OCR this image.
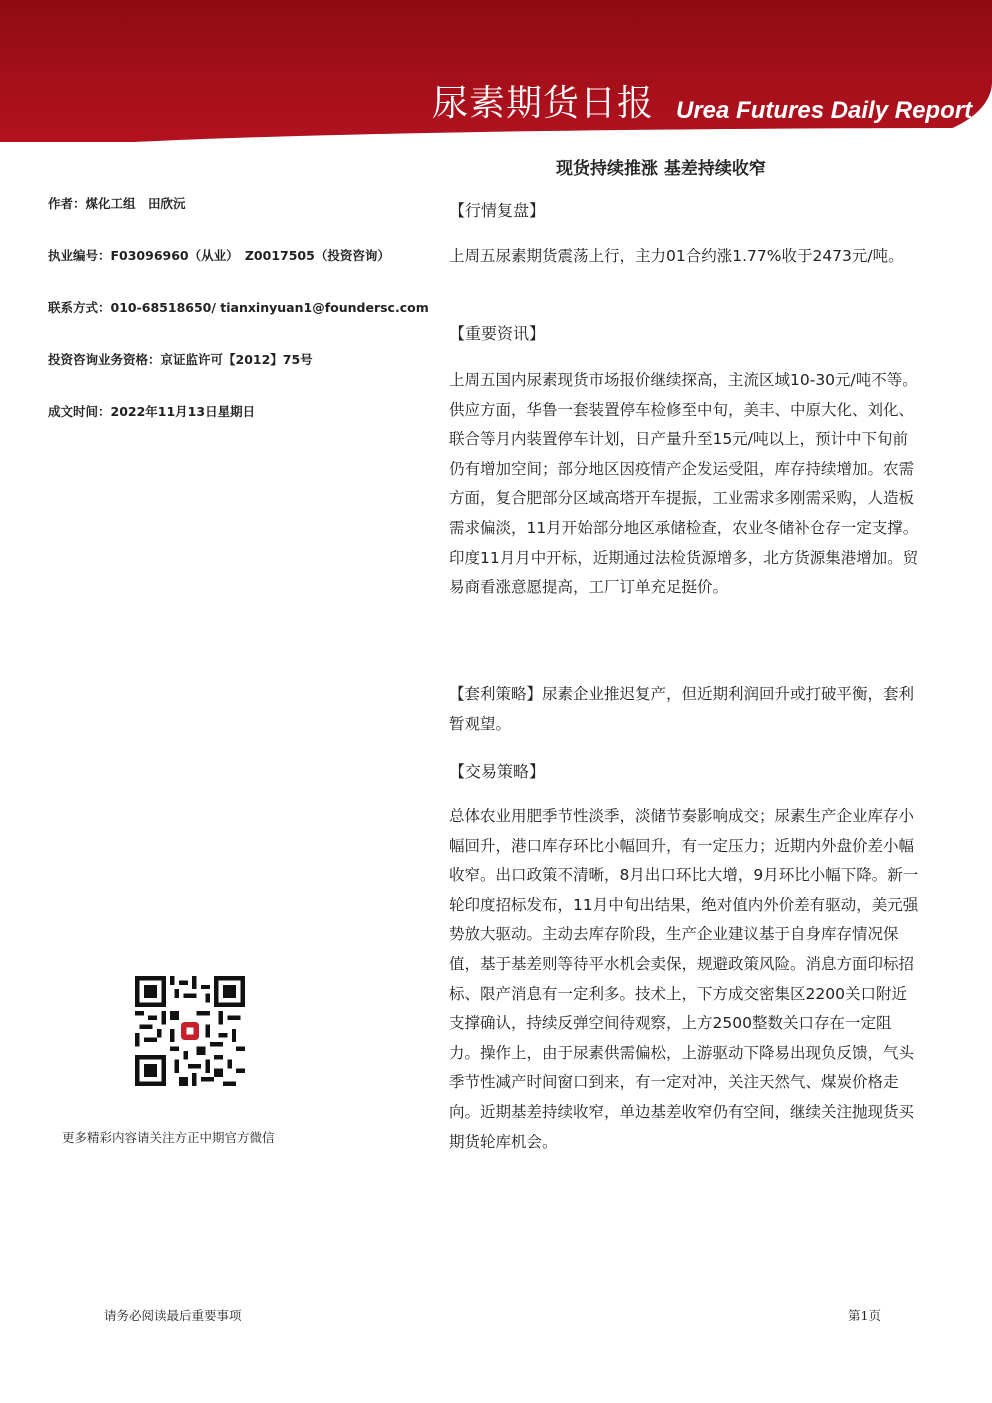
尿素期货日报 Urea Futures Daily Report
现货持续推涨 基差持续收窄
作者：煤化工组　田欣沅
执业编号：F03096960（从业）　Z0017505（投资咨询）
联系方式：010-68518650/ tianxinyuan1@foundersc.com
投资咨询业务资格：京证监许可【2012】75号
成文时间：2022年11月13日星期日
【行情复盘】

上周五尿素期货震荡上行，主力01合约涨1.77%收于2473元/吨。

【重要资讯】

上周五国内尿素现货市场报价继续探高，主流区域10-30元/吨不等。供应方面，华鲁一套装置停车检修至中旬，美丰、中原大化、刘化、联合等月内装置停车计划，日产量升至15元/吨以上，预计中下旬前仍有增加空间；部分地区因疫情产企发运受阻，库存持续增加。农需方面，复合肥部分区域高塔开车提振，工业需求多刚需采购，人造板需求偏淡，11月开始部分地区承储检查，农业冬储补仓存一定支撑。印度11月月中开标，近期通过法检货源增多，北方货源集港增加。贸易商看涨意愿提高，工厂订单充足挺价。

【套利策略】尿素企业推迟复产，但近期利润回升或打破平衡，套利暂观望。

【交易策略】

总体农业用肥季节性淡季，淡储节奏影响成交；尿素生产企业库存小幅回升，港口库存环比小幅回升，有一定压力；近期内外盘价差小幅收窄。出口政策不清晰，8月出口环比大增，9月环比小幅下降。新一轮印度招标发布，11月中旬出结果，绝对值内外价差有驱动，美元强势放大驱动。主动去库存阶段，生产企业建议基于自身库存情况保值，基于基差则等待平水机会卖保，规避政策风险。消息方面印标招标、限产消息有一定利多。技术上，下方成交密集区2200关口附近支撑确认，持续反弹空间待观察，上方2500整数关口存在一定阻力。操作上，由于尿素供需偏松，上游驱动下降易出现负反馈，气头季节性减产时间窗口到来，有一定对冲，关注天然气、煤炭价格走向。近期基差持续收窄，单边基差收窄仍有空间，继续关注抛现货买期货轮库机会。

更多精彩内容请关注方正中期官方微信
请务必阅读最后重要事项	第1页
